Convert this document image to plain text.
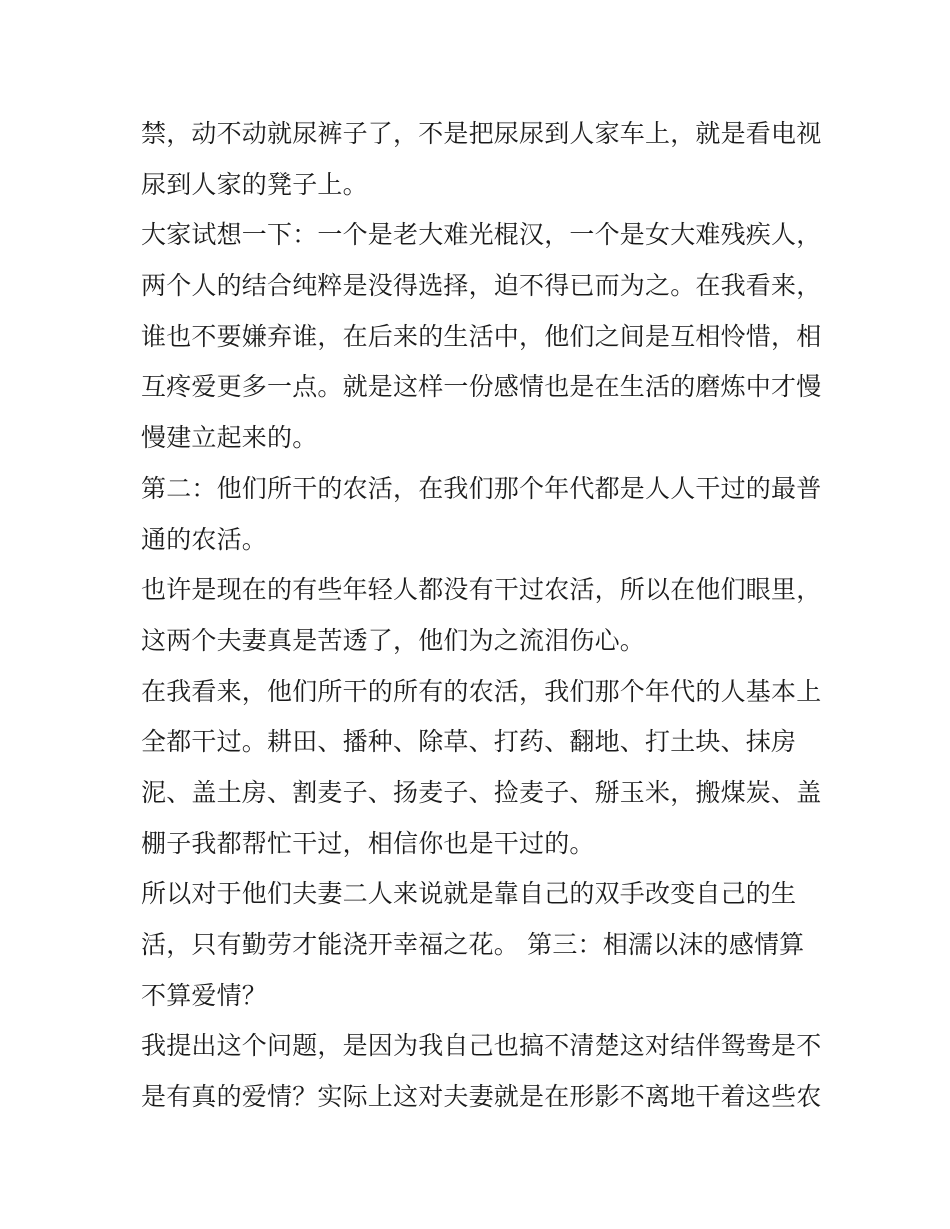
禁，动不动就尿裤子了，不是把尿尿到人家车上，就是看电视
尿到人家的凳子上。
大家试想一下：一个是老大难光棍汉，一个是女大难残疾人，
两个人的结合纯粹是没得选择，迫不得已而为之。在我看来，
谁也不要嫌弃谁，在后来的生活中，他们之间是互相怜惜，相
互疼爱更多一点。就是这样一份感情也是在生活的磨炼中才慢
慢建立起来的。
第二：他们所干的农活，在我们那个年代都是人人干过的最普
通的农活。
也许是现在的有些年轻人都没有干过农活，所以在他们眼里，
这两个夫妻真是苦透了，他们为之流泪伤心。
在我看来，他们所干的所有的农活，我们那个年代的人基本上
全都干过。耕田、播种、除草、打药、翻地、打土块、抹房
泥、盖土房、割麦子、扬麦子、捡麦子、掰玉米，搬煤炭、盖
棚子我都帮忙干过，相信你也是干过的。
所以对于他们夫妻二人来说就是靠自己的双手改变自己的生
活，只有勤劳才能浇开幸福之花。 第三：相濡以沫的感情算
不算爱情？
我提出这个问题，是因为我自己也搞不清楚这对结伴鸳鸯是不
是有真的爱情？实际上这对夫妻就是在形影不离地干着这些农
